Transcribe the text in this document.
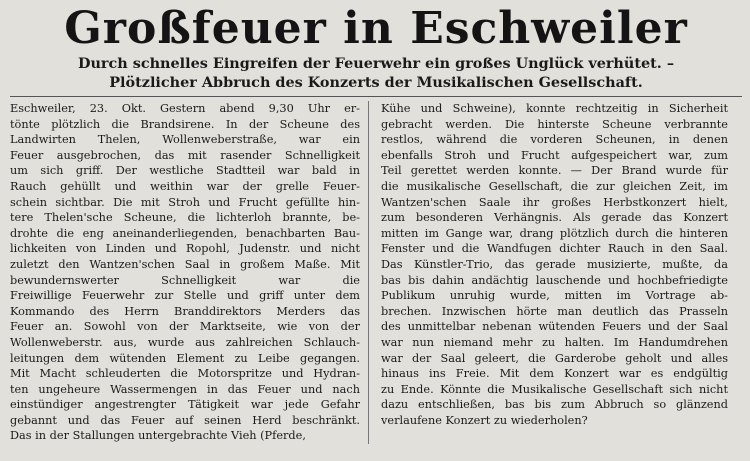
Großfeuer in Eschweiler

Durch schnelles Eingreifen der Feuerwehr ein großes Unglück verhütet. –

Plötzlicher Abbruch des Konzerts der Musikalischen Gesellschaft.

Eschweiler, 23. Okt. Gestern abend 9,30 Uhr er-
tönte plötzlich die Brandsirene. In der Scheune des
Landwirten Thelen, Wollenweberstraße, war ein
Feuer ausgebrochen, das mit rasender Schnelligkeit
um sich griff. Der westliche Stadtteil war bald in
Rauch gehüllt und weithin war der grelle Feuer-
schein sichtbar. Die mit Stroh und Frucht gefüllte hin-
tere Thelen'sche Scheune, die lichterloh brannte, be-
drohte die eng aneinanderliegenden, benachbarten Bau-
lichkeiten von Linden und Ropohl, Judenstr. und nicht
zuletzt den Wantzen'schen Saal in großem Maße. Mit
bewundernswerter Schnelligkeit war die
Freiwillige Feuerwehr zur Stelle und griff unter dem
Kommando des Herrn Branddirektors Merders das
Feuer an. Sowohl von der Marktseite, wie von der
Wollenweberstr. aus, wurde aus zahlreichen Schlauch-
leitungen dem wütenden Element zu Leibe gegangen.
Mit Macht schleuderten die Motorspritze und Hydran-
ten ungeheure Wassermengen in das Feuer und nach
einstündiger angestrengter Tätigkeit war jede Gefahr
gebannt und das Feuer auf seinen Herd beschränkt.
Das in der Stallungen untergebrachte Vieh (Pferde,
Kühe und Schweine), konnte rechtzeitig in Sicherheit
gebracht werden. Die hinterste Scheune verbrannte
restlos, während die vorderen Scheunen, in denen
ebenfalls Stroh und Frucht aufgespeichert war, zum
Teil gerettet werden konnte. — Der Brand wurde für
die musikalische Gesellschaft, die zur gleichen Zeit, im
Wantzen'schen Saale ihr großes Herbstkonzert hielt,
zum besonderen Verhängnis. Als gerade das Konzert
mitten im Gange war, drang plötzlich durch die hinteren
Fenster und die Wandfugen dichter Rauch in den Saal.
Das Künstler-Trio, das gerade musizierte, mußte, da
bas bis dahin andächtig lauschende und hochbefriedigte
Publikum unruhig wurde, mitten im Vortrage ab-
brechen. Inzwischen hörte man deutlich das Prasseln
des unmittelbar nebenan wütenden Feuers und der Saal
war nun niemand mehr zu halten. Im Handumdrehen
war der Saal geleert, die Garderobe geholt und alles
hinaus ins Freie. Mit dem Konzert war es endgültig
zu Ende. Könnte die Musikalische Gesellschaft sich nicht
dazu entschließen, bas bis zum Abbruch so glänzend
verlaufene Konzert zu wiederholen?
